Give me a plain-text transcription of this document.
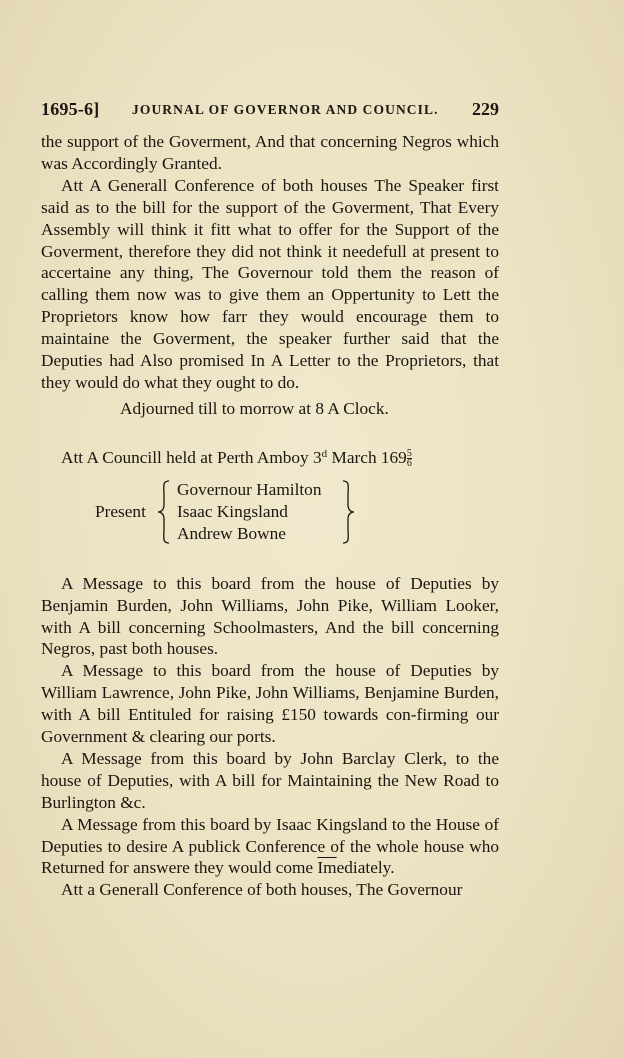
1695-6] JOURNAL OF GOVERNOR AND COUNCIL. 229

the support of the Goverment, And that concerning Negros which was Accordingly Granted.

Att A Generall Conference of both houses The Speaker first said as to the bill for the support of the Goverment, That Every Assembly will think it fitt what to offer for the Support of the Goverment, therefore they did not think it needefull at present to accertaine any thing, The Governour told them the reason of calling them now was to give them an Oppertunity to Lett the Proprietors know how farr they would encourage them to maintaine the Goverment, the speaker further said that the Deputies had Also promised In A Letter to the Proprietors, that they would do what they ought to do.

Adjourned till to morrow at 8 A Clock.

Att A Councill held at Perth Amboy 3$^d$ March $169 \frac{5}{6}$

Present
Governour Hamilton
Isaac Kingsland
Andrew Bowne

A Message to this board from the house of Deputies by Benjamin Burden, John Williams, John Pike, William Looker, with A bill concerning Schoolmasters, And the bill concerning Negros, past both houses.

A Message to this board from the house of Deputies by William Lawrence, John Pike, John Williams, Benjamine Burden, with A bill Entituled for raising £150 towards con-firming our Government & clearing our ports.

A Message from this board by John Barclay Clerk, to the house of Deputies, with A bill for Maintaining the New Road to Burlington &c.

A Message from this board by Isaac Kingsland to the House of Deputies to desire A publick Conference of the whole house who Returned for answere they would come $\overline{Im}ediately$.

Att a Generall Conference of both houses, The Governour
